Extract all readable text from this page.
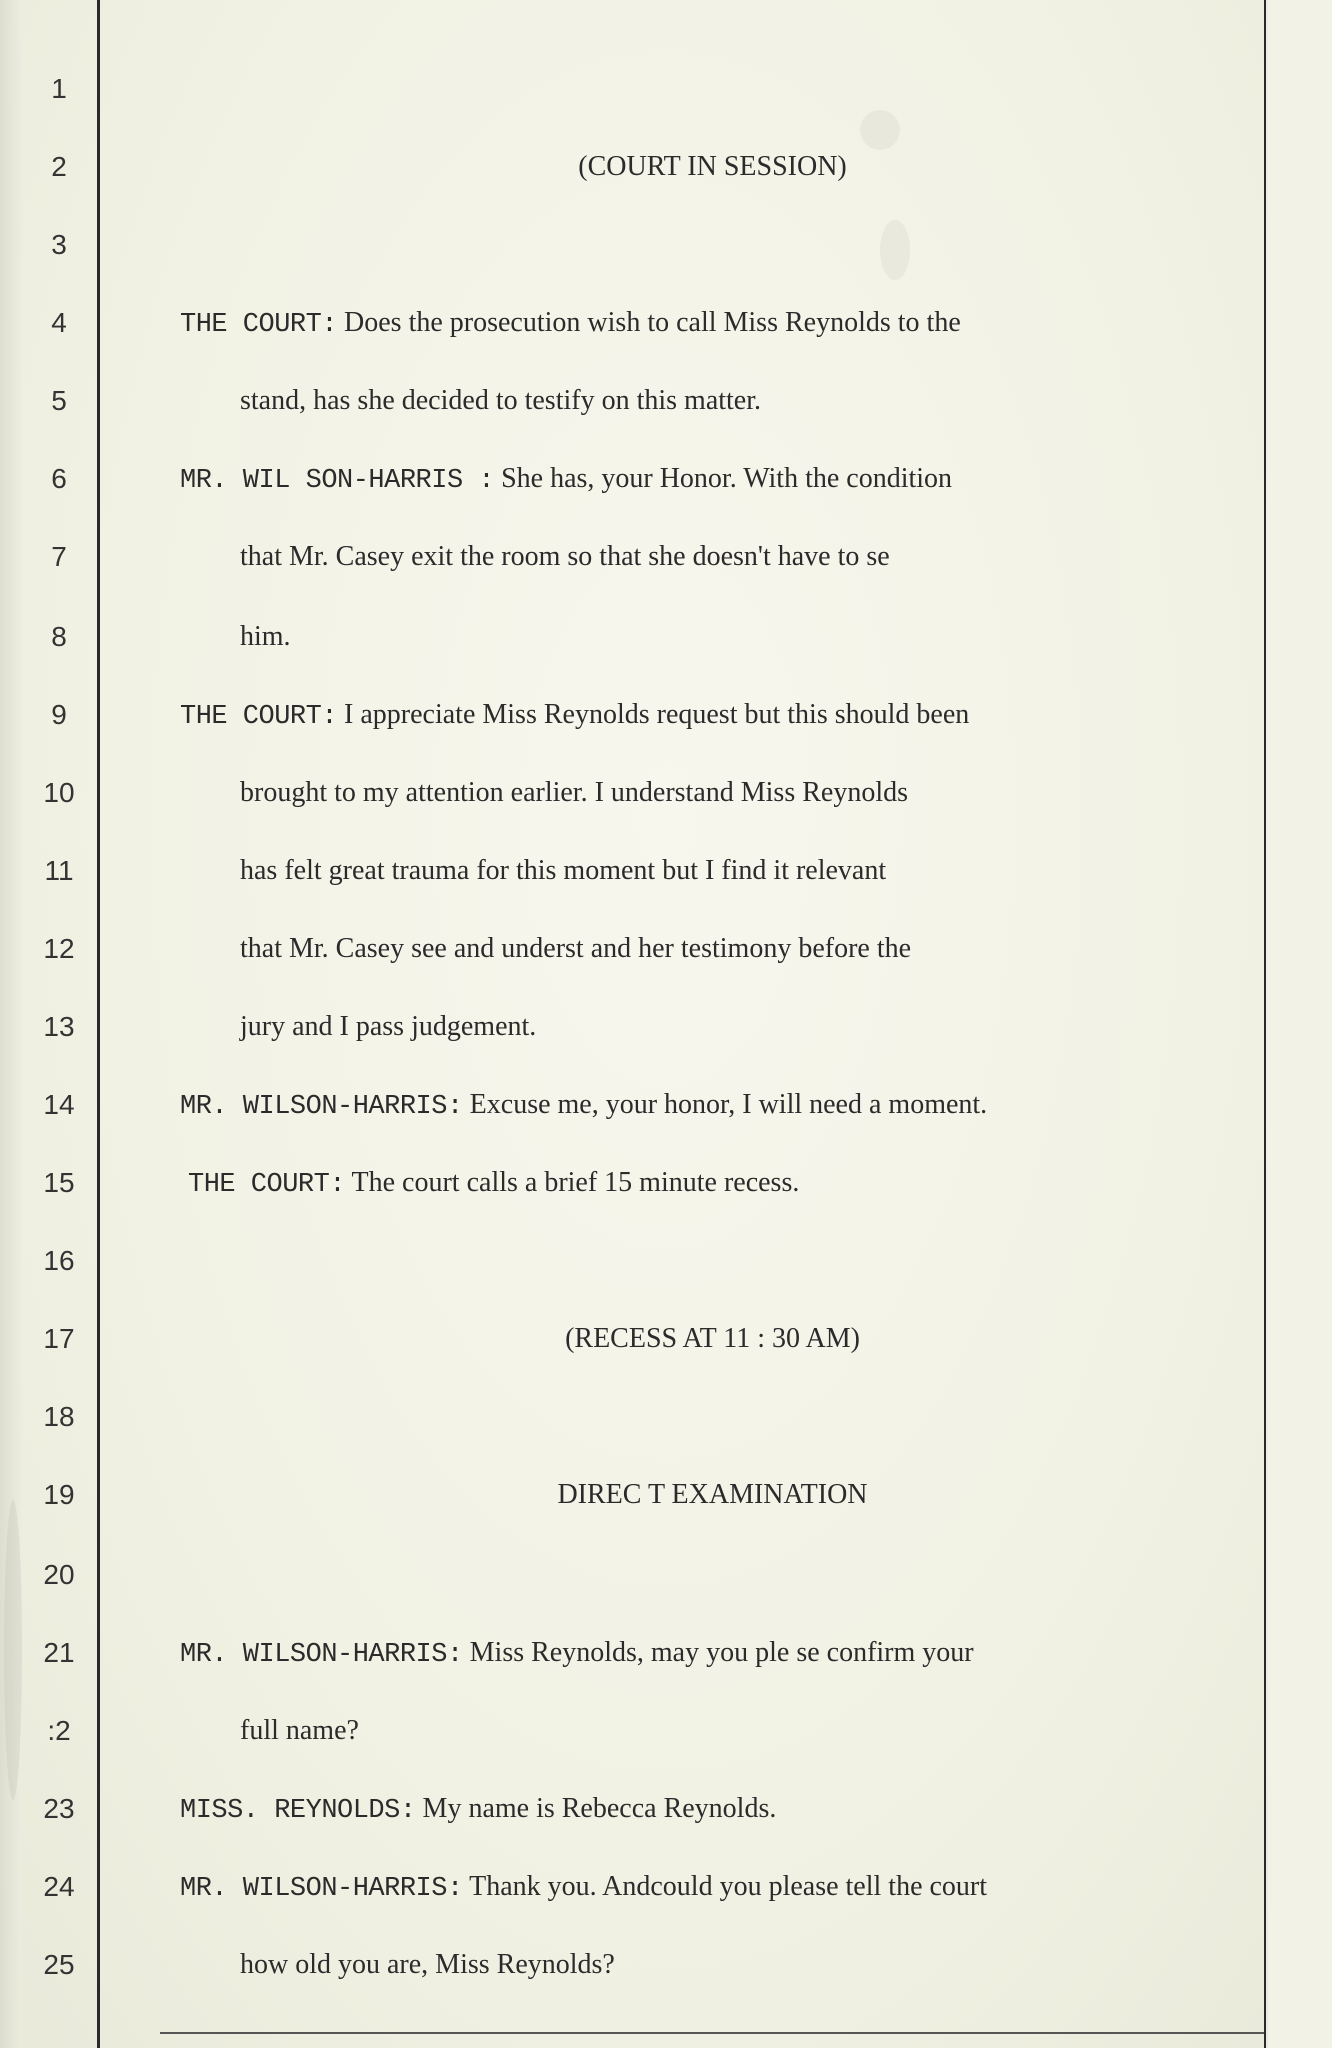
1
2
3
4
5
6
7
8
9
10
11
12
13
14
15
16
17
18
19
20
21
:2
23
24
25
(COURT IN SESSION)
THE COURT: Does the prosecution wish to call Miss Reynolds to the
stand, has she decided to testify on this matter.
MR. WIL SON-HARRIS : She has, your Honor. With the condition
that Mr. Casey exit the room so that she doesn't have to se
him.
THE COURT: I appreciate Miss Reynolds request but this should been
brought to my attention earlier. I understand Miss Reynolds
has felt great trauma for this moment but I find it relevant
that Mr. Casey see and underst and her testimony before the
jury and I pass judgement.
MR. WILSON-HARRIS: Excuse me, your honor, I will need a moment.
THE COURT: The court calls a brief 15 minute recess.
(RECESS AT 11 : 30 AM)
DIREC T EXAMINATION
MR. WILSON-HARRIS: Miss Reynolds, may you ple se confirm your
full name?
MISS. REYNOLDS: My name is Rebecca Reynolds.
MR. WILSON-HARRIS: Thank you. Andcould you please tell the court
how old you are, Miss Reynolds?
